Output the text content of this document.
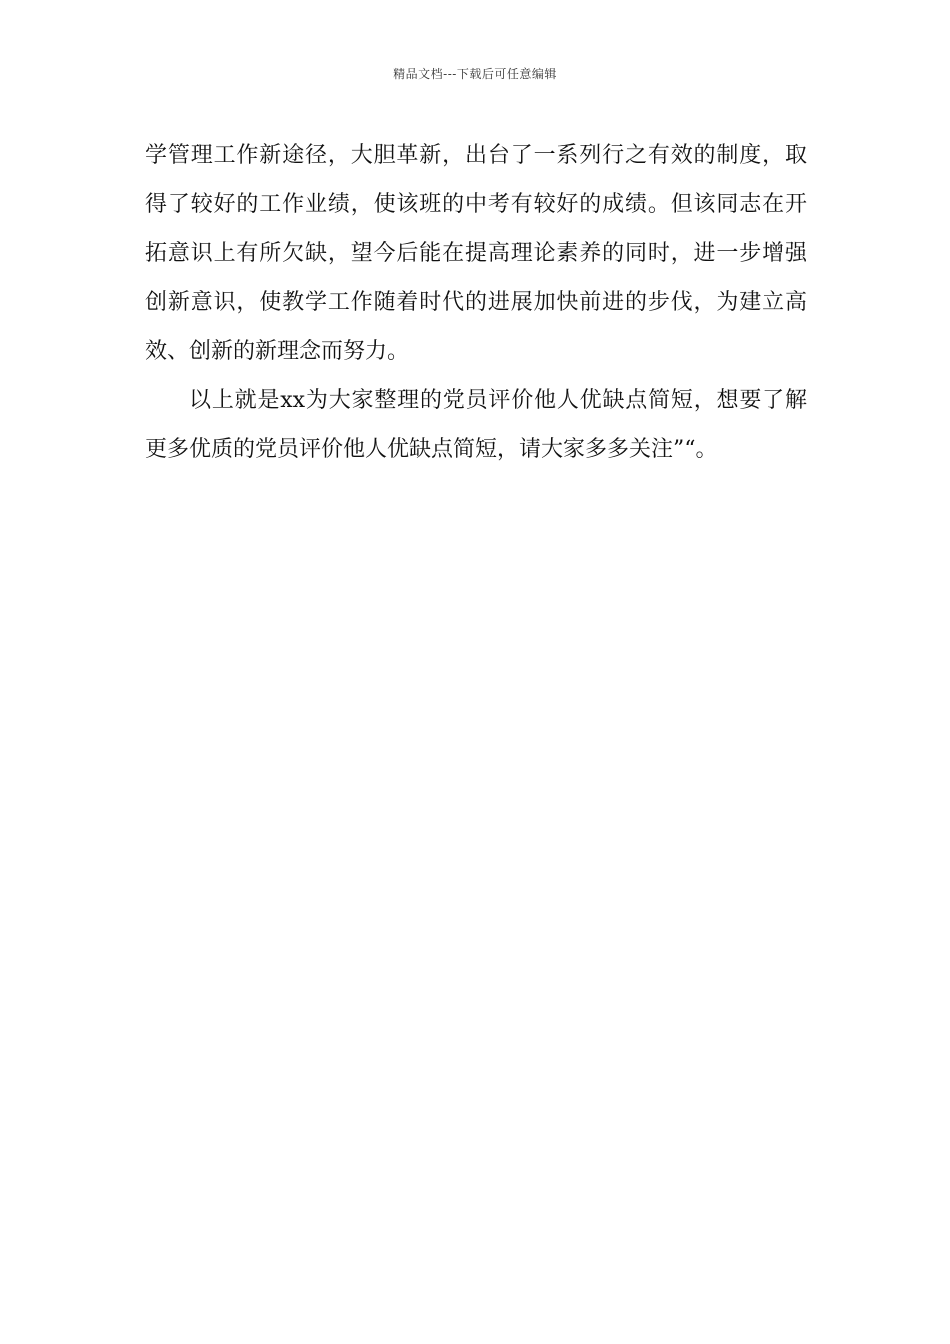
精品文档---下载后可任意编辑
学管理工作新途径，大胆革新，出台了一系列行之有效的制度，取
得了较好的工作业绩，使该班的中考有较好的成绩。但该同志在开
拓意识上有所欠缺，望今后能在提高理论素养的同时，进一步增强
创新意识，使教学工作随着时代的进展加快前进的步伐，为建立高
效、创新的新理念而努力。
以上就是xx为大家整理的党员评价他人优缺点简短，想要了解
更多优质的党员评价他人优缺点简短，请大家多多关注”“。
